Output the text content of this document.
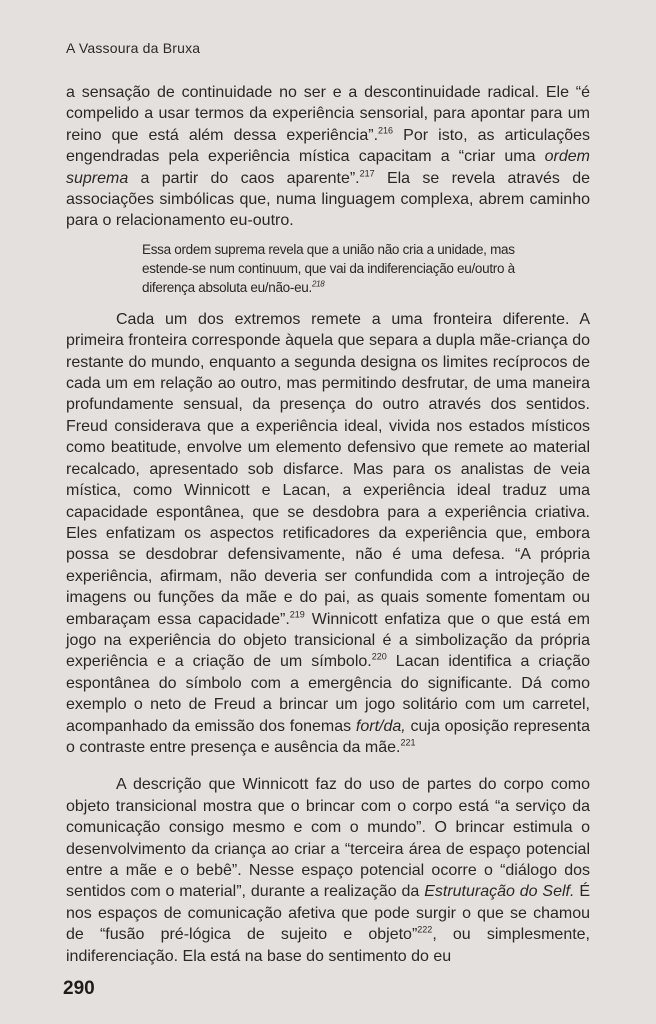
A Vassoura da Bruxa

a sensação de continuidade no ser e a descontinuidade radical. Ele “é compelido a usar termos da experiência sensorial, para apontar para um reino que está além dessa experiência”.$^{216}$ Por isto, as articulações engendradas pela experiência mística capacitam a “criar uma ordem suprema a partir do caos aparente”.$^{217}$ Ela se revela através de associações simbólicas que, numa linguagem complexa, abrem caminho para o relacionamento eu-outro.

Essa ordem suprema revela que a união não cria a unidade, mas estende-se num continuum, que vai da indiferenciação eu/outro à diferença absoluta eu/não-eu.$^{218}$

Cada um dos extremos remete a uma fronteira diferente. A primeira fronteira corresponde àquela que separa a dupla mãe-criança do restante do mundo, enquanto a segunda designa os limites recíprocos de cada um em relação ao outro, mas permitindo desfrutar, de uma maneira profundamente sensual, da presença do outro através dos sentidos. Freud considerava que a experiência ideal, vivida nos estados místicos como beatitude, envolve um elemento defensivo que remete ao material recalcado, apresentado sob disfarce. Mas para os analistas de veia mística, como Winnicott e Lacan, a experiência ideal traduz uma capacidade espontânea, que se desdobra para a experiência criativa. Eles enfatizam os aspectos retificadores da experiência que, embora possa se desdobrar defensivamente, não é uma defesa. “A própria experiência, afirmam, não deveria ser confundida com a introjeção de imagens ou funções da mãe e do pai, as quais somente fomentam ou embaraçam essa capacidade”.$^{219}$ Winnicott enfatiza que o que está em jogo na experiência do objeto transicional é a simbolização da própria experiência e a criação de um símbolo.$^{220}$ Lacan identifica a criação espontânea do símbolo com a emergência do significante. Dá como exemplo o neto de Freud a brincar um jogo solitário com um carretel, acompanhado da emissão dos fonemas fort/da, cuja oposição representa o contraste entre presença e ausência da mãe.$^{221}$

A descrição que Winnicott faz do uso de partes do corpo como objeto transicional mostra que o brincar com o corpo está “a serviço da comunicação consigo mesmo e com o mundo”. O brincar estimula o desenvolvimento da criança ao criar a “terceira área de espaço potencial entre a mãe e o bebê”. Nesse espaço potencial ocorre o “diálogo dos sentidos com o material”, durante a realização da Estruturação do Self. É nos espaços de comunicação afetiva que pode surgir o que se chamou de “fusão pré-lógica de sujeito e objeto”$^{222}$, ou simplesmente, indiferenciação. Ela está na base do sentimento do eu

290
